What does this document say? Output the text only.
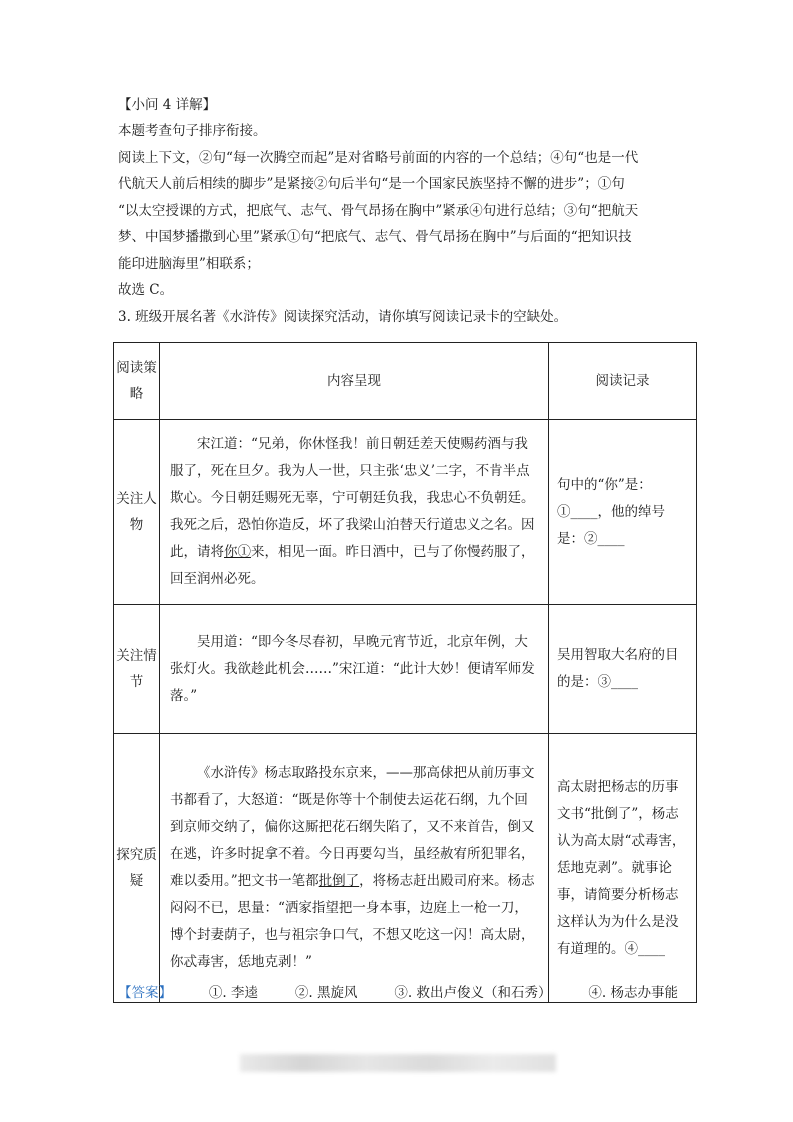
【小问 4 详解】
本题考查句子排序衔接。
阅读上下文，②句“每一次腾空而起”是对省略号前面的内容的一个总结；④句“也是一代
代航天人前后相续的脚步”是紧接②句后半句“是一个国家民族坚持不懈的进步”；①句
“以太空授课的方式，把底气、志气、骨气昂扬在胸中”紧承④句进行总结；③句“把航天
梦、中国梦播撒到心里”紧承①句“把底气、志气、骨气昂扬在胸中”与后面的“把知识技
能印进脑海里”相联系；
故选 C。
3. 班级开展名著《水浒传》阅读探究活动，请你填写阅读记录卡的空缺处。
阅读策略	内容呈现	阅读记录
关注人物	宋江道：“兄弟，你休怪我！前日朝廷差天使赐药酒与我服了，死在旦夕。我为人一世，只主张‘忠义’二字，不肯半点欺心。今日朝廷赐死无辜，宁可朝廷负我，我忠心不负朝廷。我死之后，恐怕你造反，坏了我梁山泊替天行道忠义之名。因此，请将你①来，相见一面。昨日酒中，已与了你慢药服了，回至润州必死。	句中的“你”是：①____，他的绰号是：②____
关注情节	吴用道：“即今冬尽春初，早晚元宵节近，北京年例，大张灯火。我欲趁此机会……”宋江道：“此计大妙！便请军师发落。”	吴用智取大名府的目的是：③____
探究质疑	《水浒传》杨志取路投东京来，——那高俅把从前历事文书都看了，大怒道：“既是你等十个制使去运花石纲，九个回到京师交纳了，偏你这厮把花石纲失陷了，又不来首告，倒又在逃，许多时捉拿不着。今日再要勾当，虽经赦宥所犯罪名，难以委用。”把文书一笔都批倒了，将杨志赶出殿司府来。杨志闷闷不已，思量：“洒家指望把一身本事，边庭上一枪一刀，博个封妻荫子，也与祖宗争口气，不想又吃这一闪！高太尉，你忒毒害，恁地克剥！”	高太尉把杨志的历事文书“批倒了”，杨志认为高太尉“忒毒害，恁地克剥”。就事论事，请简要分析杨志这样认为为什么是没有道理的。④____
【答案】	①. 李逵	②. 黑旋风	③. 救出卢俊义（和石秀）	④. 杨志办事能
